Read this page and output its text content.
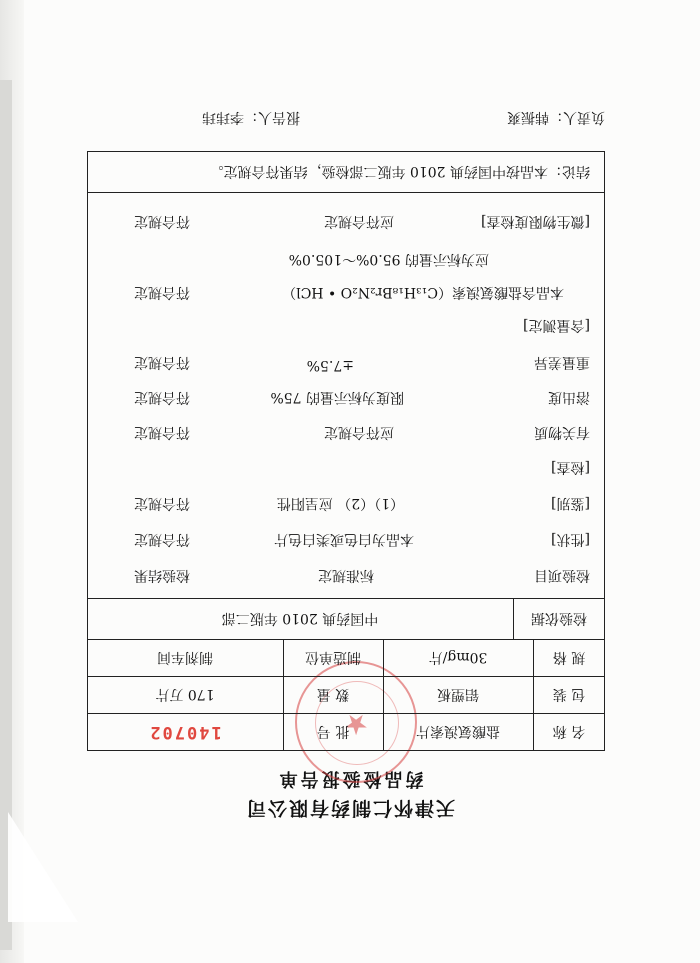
天津怀仁制药有限公司
药品检验报告单
★	名 称
盐酸氨溴索片
批 号
140702
包 装
铝塑板
数 量
170 万片
规 格
30mg/片
制造单位
制剂车间
检验依据
中国药典 2010 年版二部
检验项目
标准规定
检验结果
[性状]
本品为白色或类白色片
符合规定
[鉴别]
（1）（2） 应呈阳性
符合规定
[检查]
有关物质
应符合规定
符合规定
溶出度
限度为标示量的 75%
符合规定
重量差异
±7.5%
符合规定
[含量测定]
本品含盐酸氨溴索（C₁₃H₁₈Br₂N₂O • HCl）
符合规定
应为标示量的 95.0%～105.0%
[微生物限度检查]
应符合规定
符合规定
结论：本品按中国药典 2010 年版二部检验，结果符合规定。
负责人：韩振爽
报告人：李玮玮
